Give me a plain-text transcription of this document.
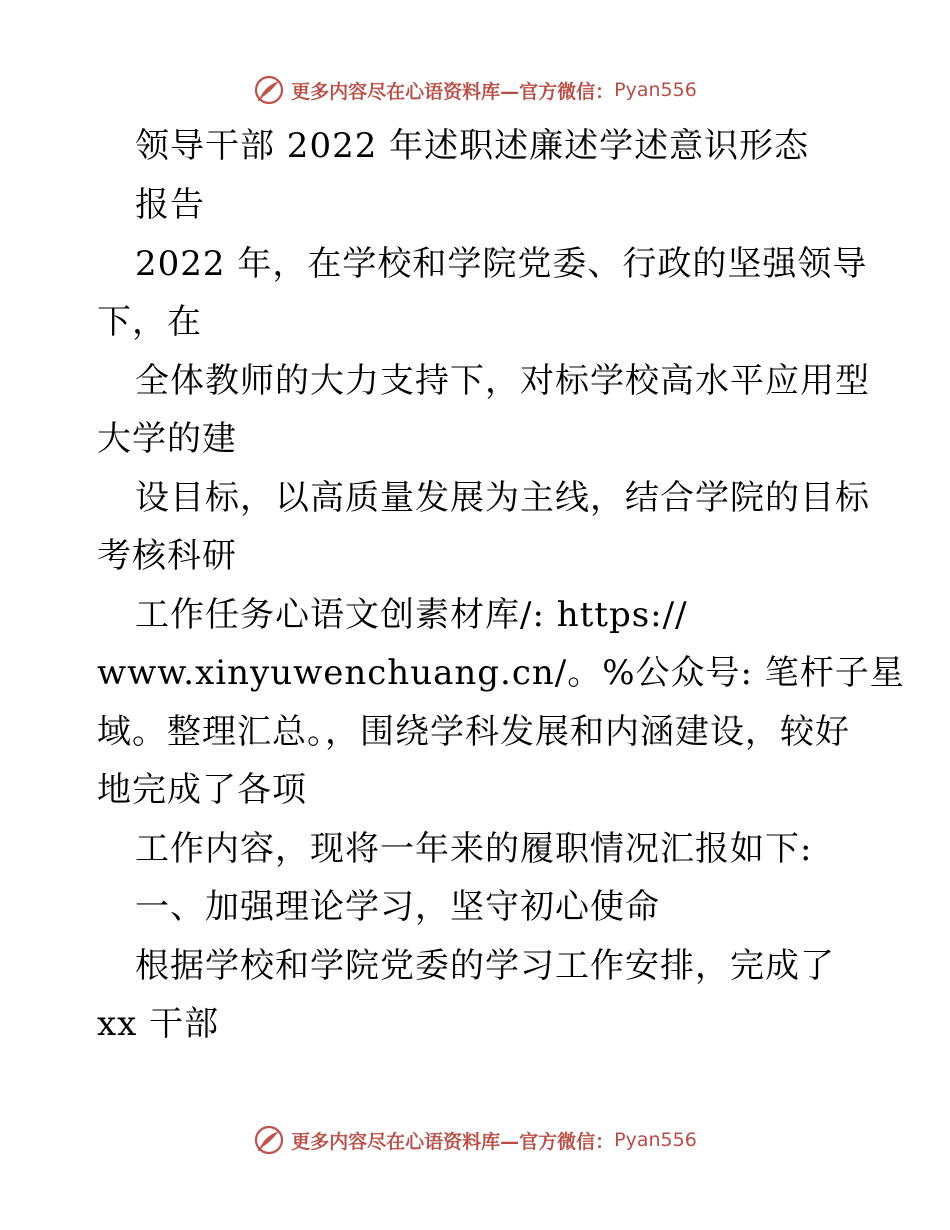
更多内容尽在心语资料库—官方微信： Pyan556

领导干部 2022 年述职述廉述学述意识形态

报告

2022 年，在学校和学院党委、行政的坚强领导

下，在

全体教师的大力支持下，对标学校高水平应用型

大学的建

设目标，以高质量发展为主线，结合学院的目标

考核科研

工作任务心语文创素材库/: https://

www.xinyuwenchuang.cn/。%公众号: 笔杆子星

域。整理汇总。，围绕学科发展和内涵建设，较好

地完成了各项

工作内容，现将一年来的履职情况汇报如下:

一、加强理论学习，坚守初心使命

根据学校和学院党委的学习工作安排，完成了

xx 干部

更多内容尽在心语资料库—官方微信： Pyan556
